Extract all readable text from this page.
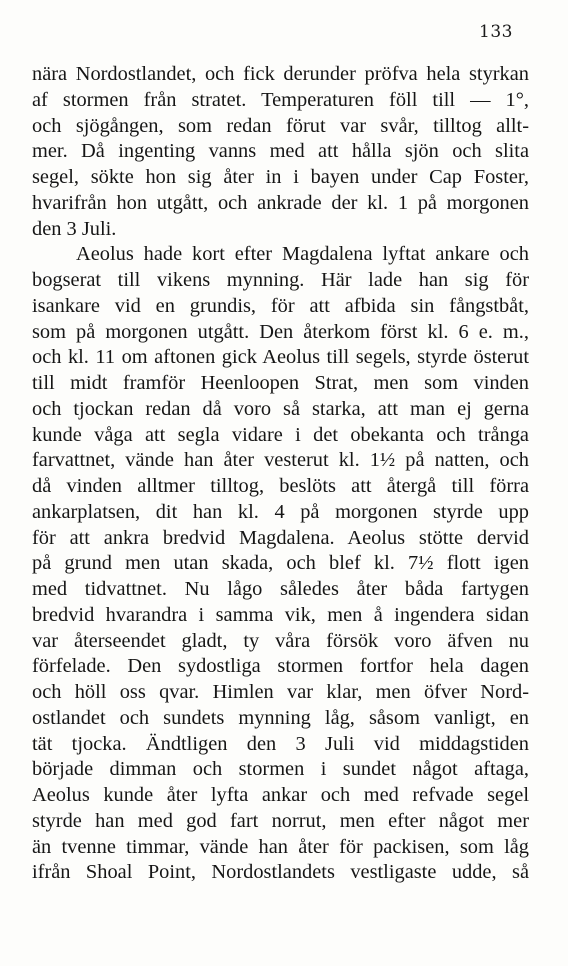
133
nära Nordostlandet, och fick derunder pröfva hela styrkan
af stormen från stratet. Temperaturen föll till — 1°,
och sjögången, som redan förut var svår, tilltog allt-
mer. Då ingenting vanns med att hålla sjön och slita
segel, sökte hon sig åter in i bayen under Cap Foster,
hvarifrån hon utgått, och ankrade der kl. 1 på morgonen
den 3 Juli.
Aeolus hade kort efter Magdalena lyftat ankare och
bogserat till vikens mynning. Här lade han sig för
isankare vid en grundis, för att afbida sin fångstbåt,
som på morgonen utgått. Den återkom först kl. 6 e. m.,
och kl. 11 om aftonen gick Aeolus till segels, styrde österut
till midt framför Heenloopen Strat, men som vinden
och tjockan redan då voro så starka, att man ej gerna
kunde våga att segla vidare i det obekanta och trånga
farvattnet, vände han åter vesterut kl. 1½ på natten, och
då vinden alltmer tilltog, beslöts att återgå till förra
ankarplatsen, dit han kl. 4 på morgonen styrde upp
för att ankra bredvid Magdalena. Aeolus stötte dervid
på grund men utan skada, och blef kl. 7½ flott igen
med tidvattnet. Nu lågo således åter båda fartygen
bredvid hvarandra i samma vik, men å ingendera sidan
var återseendet gladt, ty våra försök voro äfven nu
förfelade. Den sydostliga stormen fortfor hela dagen
och höll oss qvar. Himlen var klar, men öfver Nord-
ostlandet och sundets mynning låg, såsom vanligt, en
tät tjocka. Ändtligen den 3 Juli vid middagstiden
började dimman och stormen i sundet något aftaga,
Aeolus kunde åter lyfta ankar och med refvade segel
styrde han med god fart norrut, men efter något mer
än tvenne timmar, vände han åter för packisen, som låg
ifrån Shoal Point, Nordostlandets vestligaste udde, så
